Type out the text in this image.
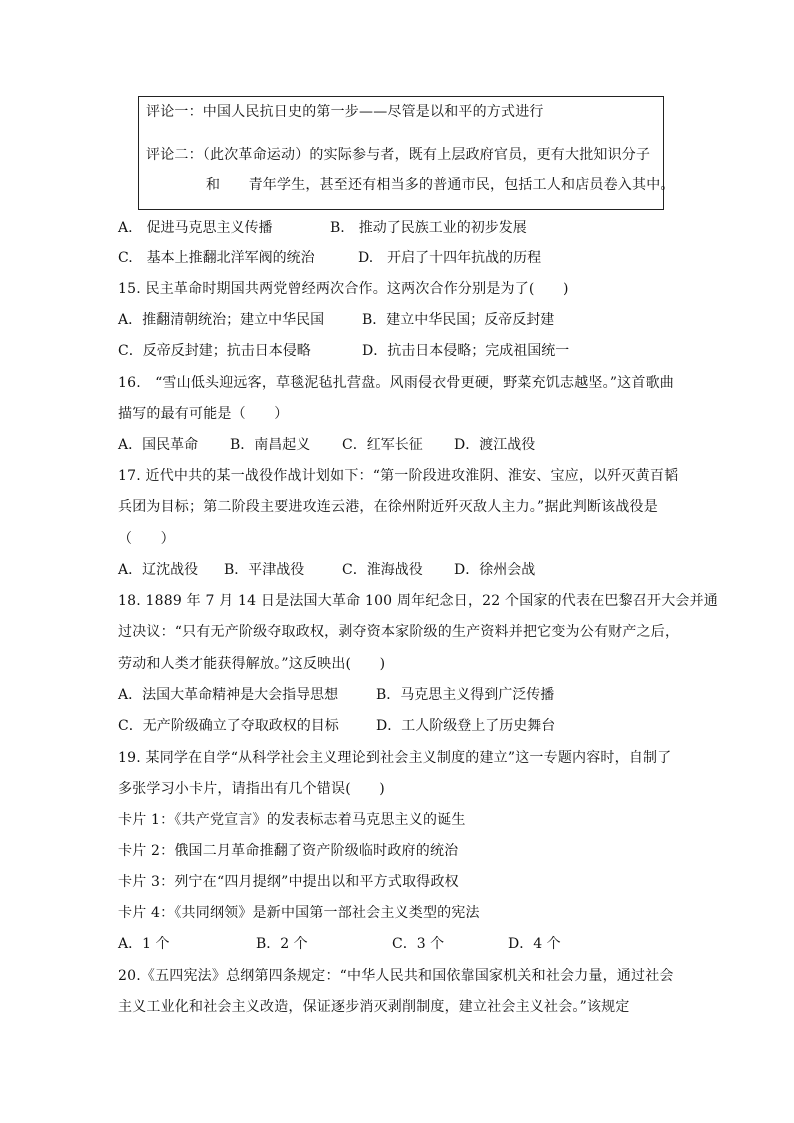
评论一：中国人民抗日史的第一步——尽管是以和平的方式进行
评论二：（此次革命运动）的实际参与者，既有上层政府官员，更有大批知识分子
和　　青年学生，甚至还有相当多的普通市民，包括工人和店员卷入其中。
A.　促进马克思主义传播	B.　推动了民族工业的初步发展
C.　基本上推翻北洋军阀的统治	D.　开启了十四年抗战的历程
15. 民主革命时期国共两党曾经两次合作。这两次合作分别是为了(　　)
A．推翻清朝统治；建立中华民国	B．建立中华民国；反帝反封建
C．反帝反封建；抗击日本侵略	D．抗击日本侵略；完成祖国统一
16.　“雪山低头迎远客，草毯泥毡扎营盘。风雨侵衣骨更硬，野菜充饥志越坚。”这首歌曲
描写的最有可能是（　　）
A．国民革命 B．南昌起义 C．红军长征 D．渡江战役
17. 近代中共的某一战役作战计划如下：“第一阶段进攻淮阴、淮安、宝应，以歼灭黄百韬
兵团为目标；第二阶段主要进攻连云港，在徐州附近歼灭敌人主力。”据此判断该战役是
（　　）
A．辽沈战役 B．平津战役	C．淮海战役 D．徐州会战
18. 1889 年 7 月 14 日是法国大革命 100 周年纪念日，22 个国家的代表在巴黎召开大会并通
过决议：“只有无产阶级夺取政权，剥夺资本家阶级的生产资料并把它变为公有财产之后，
劳动和人类才能获得解放。”这反映出(　　)
A．法国大革命精神是大会指导思想	B．马克思主义得到广泛传播
C．无产阶级确立了夺取政权的目标	D．工人阶级登上了历史舞台
19. 某同学在自学“从科学社会主义理论到社会主义制度的建立”这一专题内容时，自制了
多张学习小卡片，请指出有几个错误(　　)
卡片 1：《共产党宣言》的发表标志着马克思主义的诞生
卡片 2：俄国二月革命推翻了资产阶级临时政府的统治
卡片 3：列宁在“四月提纲”中提出以和平方式取得政权
卡片 4：《共同纲领》是新中国第一部社会主义类型的宪法
A．1 个	B．2 个	C．3 个	D．4 个
20.《五四宪法》总纲第四条规定：“中华人民共和国依靠国家机关和社会力量，通过社会
主义工业化和社会主义改造，保证逐步消灭剥削制度，建立社会主义社会。”该规定
